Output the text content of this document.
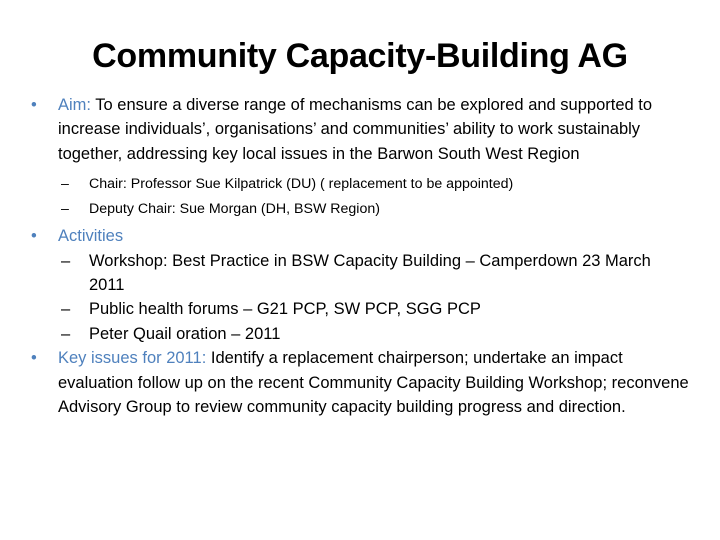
Community Capacity-Building AG
• Aim: To ensure a diverse range of mechanisms can be explored and supported to increase individuals’, organisations’ and communities’ ability to work sustainably together, addressing key local issues in the Barwon South West Region
– Chair: Professor Sue Kilpatrick (DU) ( replacement to be appointed)
– Deputy Chair: Sue Morgan (DH, BSW Region)
• Activities
– Workshop: Best Practice in BSW Capacity Building – Camperdown 23 March 2011
– Public health forums – G21 PCP, SW PCP, SGG PCP
– Peter Quail oration – 2011
• Key issues for 2011: Identify a replacement chairperson; undertake an impact evaluation follow up on the recent Community Capacity Building Workshop; reconvene Advisory Group to review community capacity building progress and direction.
